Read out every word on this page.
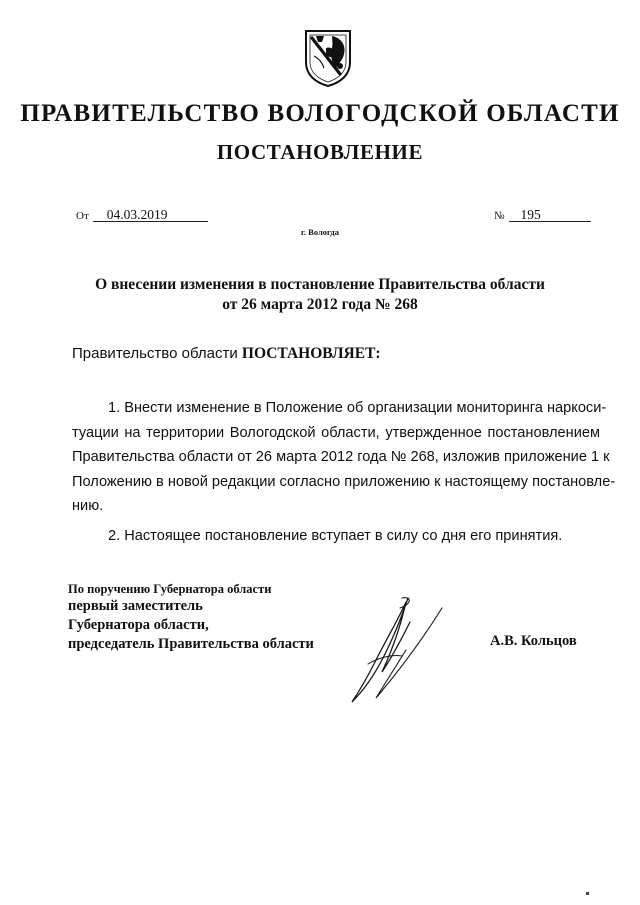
ПРАВИТЕЛЬСТВО ВОЛОГОДСКОЙ ОБЛАСТИ
ПОСТАНОВЛЕНИЕ
От 04.03.2019	№ 195
г. Вологда
О внесении изменения в постановление Правительства области
от 26 марта 2012 года № 268
Правительство области ПОСТАНОВЛЯЕТ:
1. Внести изменение в Положение об организации мониторинга наркоси-
туации на территории Вологодской области, утвержденное постановлением
Правительства области от 26 марта 2012 года № 268, изложив приложение 1 к
Положению в новой редакции согласно приложению к настоящему постановле-
нию.
2. Настоящее постановление вступает в силу со дня его принятия.
По поручению Губернатора области
первый заместитель
Губернатора области,
председатель Правительства области	А.В. Кольцов
